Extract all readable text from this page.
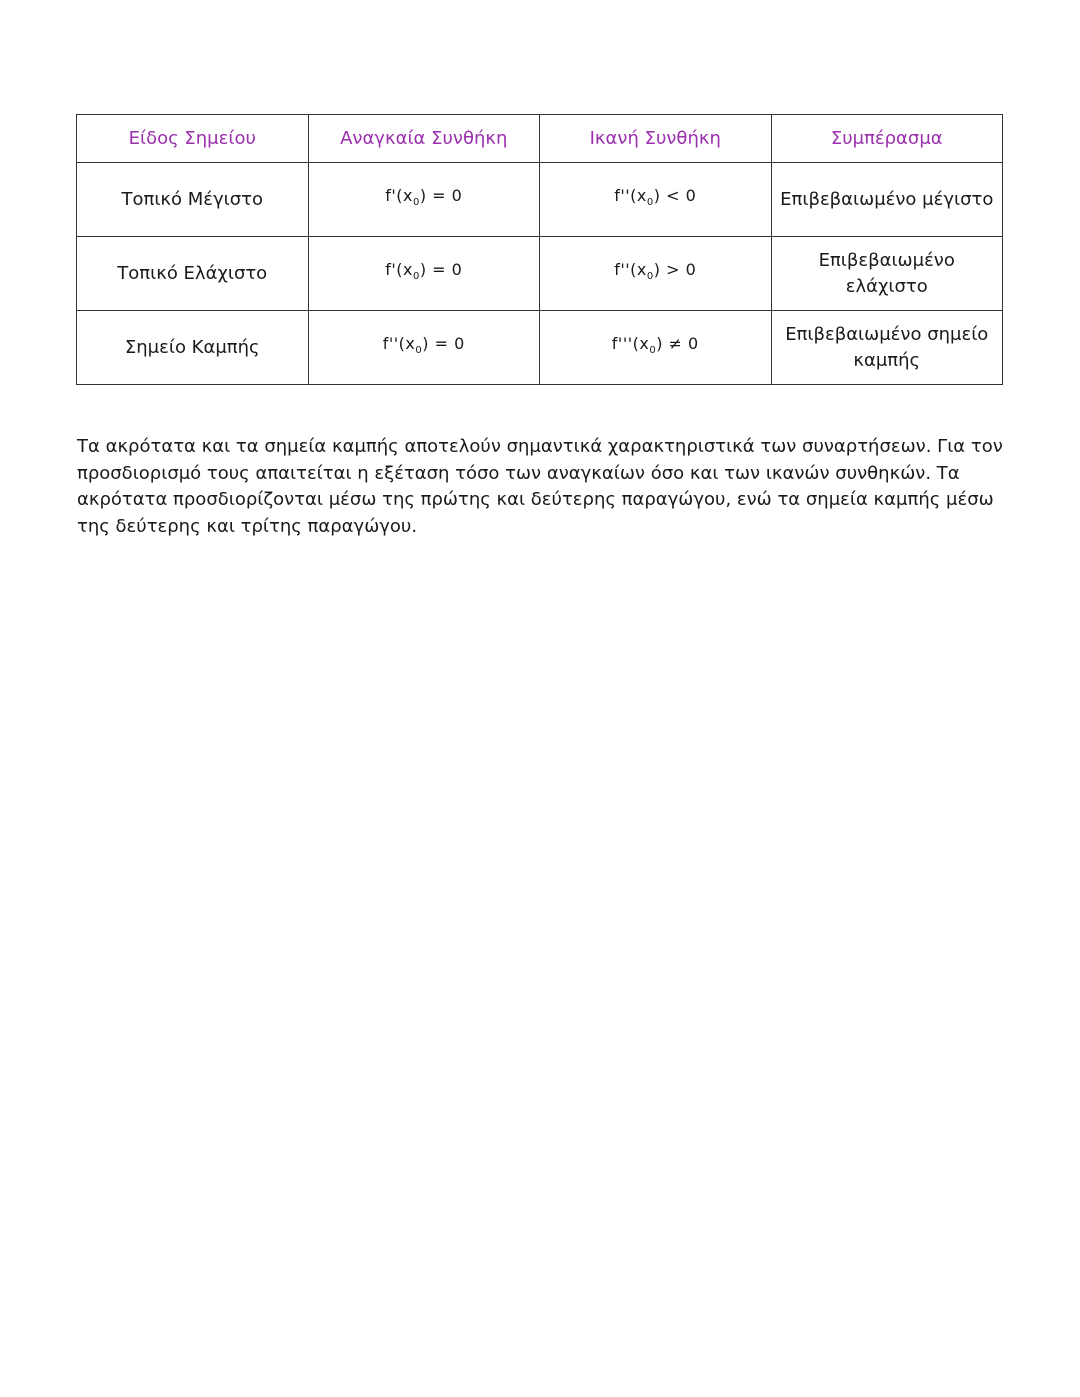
Είδος Σημείου	Αναγκαία Συνθήκη	Ικανή Συνθήκη	Συμπέρασμα
Τοπικό Μέγιστο	$f'(x_0) = 0$	$f''(x_0) < 0$	Επιβεβαιωμένο μέγιστο
Τοπικό Ελάχιστο	$f'(x_0) = 0$	$f''(x_0) > 0$	Επιβεβαιωμένο ελάχιστο
Σημείο Καμπής	$f''(x_0) = 0$	$f'''(x_0) \ne 0$	Επιβεβαιωμένο σημείο καμπής

Τα ακρότατα και τα σημεία καμπής αποτελούν σημαντικά χαρακτηριστικά των συναρτήσεων. Για τον προσδιορισμό τους απαιτείται η εξέταση τόσο των αναγκαίων όσο και των ικανών συνθηκών. Τα ακρότατα προσδιορίζονται μέσω της πρώτης και δεύτερης παραγώγου, ενώ τα σημεία καμπής μέσω της δεύτερης και τρίτης παραγώγου.
